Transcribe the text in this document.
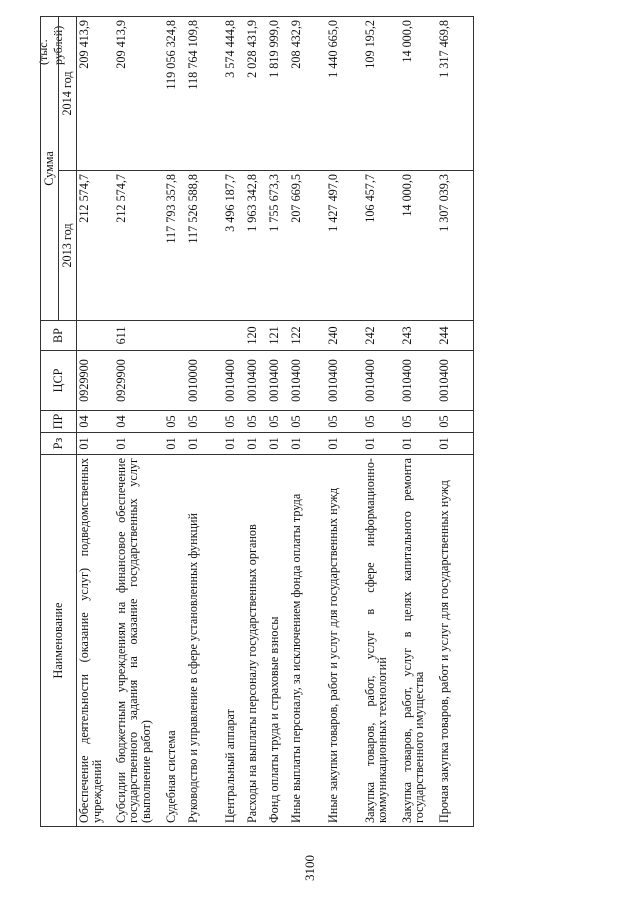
3100
(тыс. рублей)
Наименование	Рз	ПР	ЦСР	ВР	Сумма	
					2013 год	2014 год
Обеспечение деятельности (оказание услуг) подведомственных учреждений	01	04	0929900		212 574,7	209 413,9
Субсидии бюджетным учреждениям на финансовое обеспечение государственного задания на оказание государственных услуг (выполнение работ)	01	04	0929900	611	212 574,7	209 413,9
Судебная система	01	05			117 793 357,8	119 056 324,8
Руководство и управление в сфере установленных функций	01	05	0010000		117 526 588,8	118 764 109,8
Центральный аппарат	01	05	0010400		3 496 187,7	3 574 444,8
Расходы на выплаты персоналу государственных органов	01	05	0010400	120	1 963 342,8	2 028 431,9
Фонд оплаты труда и страховые взносы	01	05	0010400	121	1 755 673,3	1 819 999,0
Иные выплаты персоналу, за исключением фонда оплаты труда	01	05	0010400	122	207 669,5	208 432,9
Иные закупки товаров, работ и услуг для государственных нужд	01	05	0010400	240	1 427 497,0	1 440 665,0
Закупка товаров, работ, услуг в сфере информационно-коммуникационных технологий	01	05	0010400	242	106 457,7	109 195,2
Закупка товаров, работ, услуг в целях капитального ремонта государственного имущества	01	05	0010400	243	14 000,0	14 000,0
Прочая закупка товаров, работ и услуг для государственных нужд	01	05	0010400	244	1 307 039,3	1 317 469,8
